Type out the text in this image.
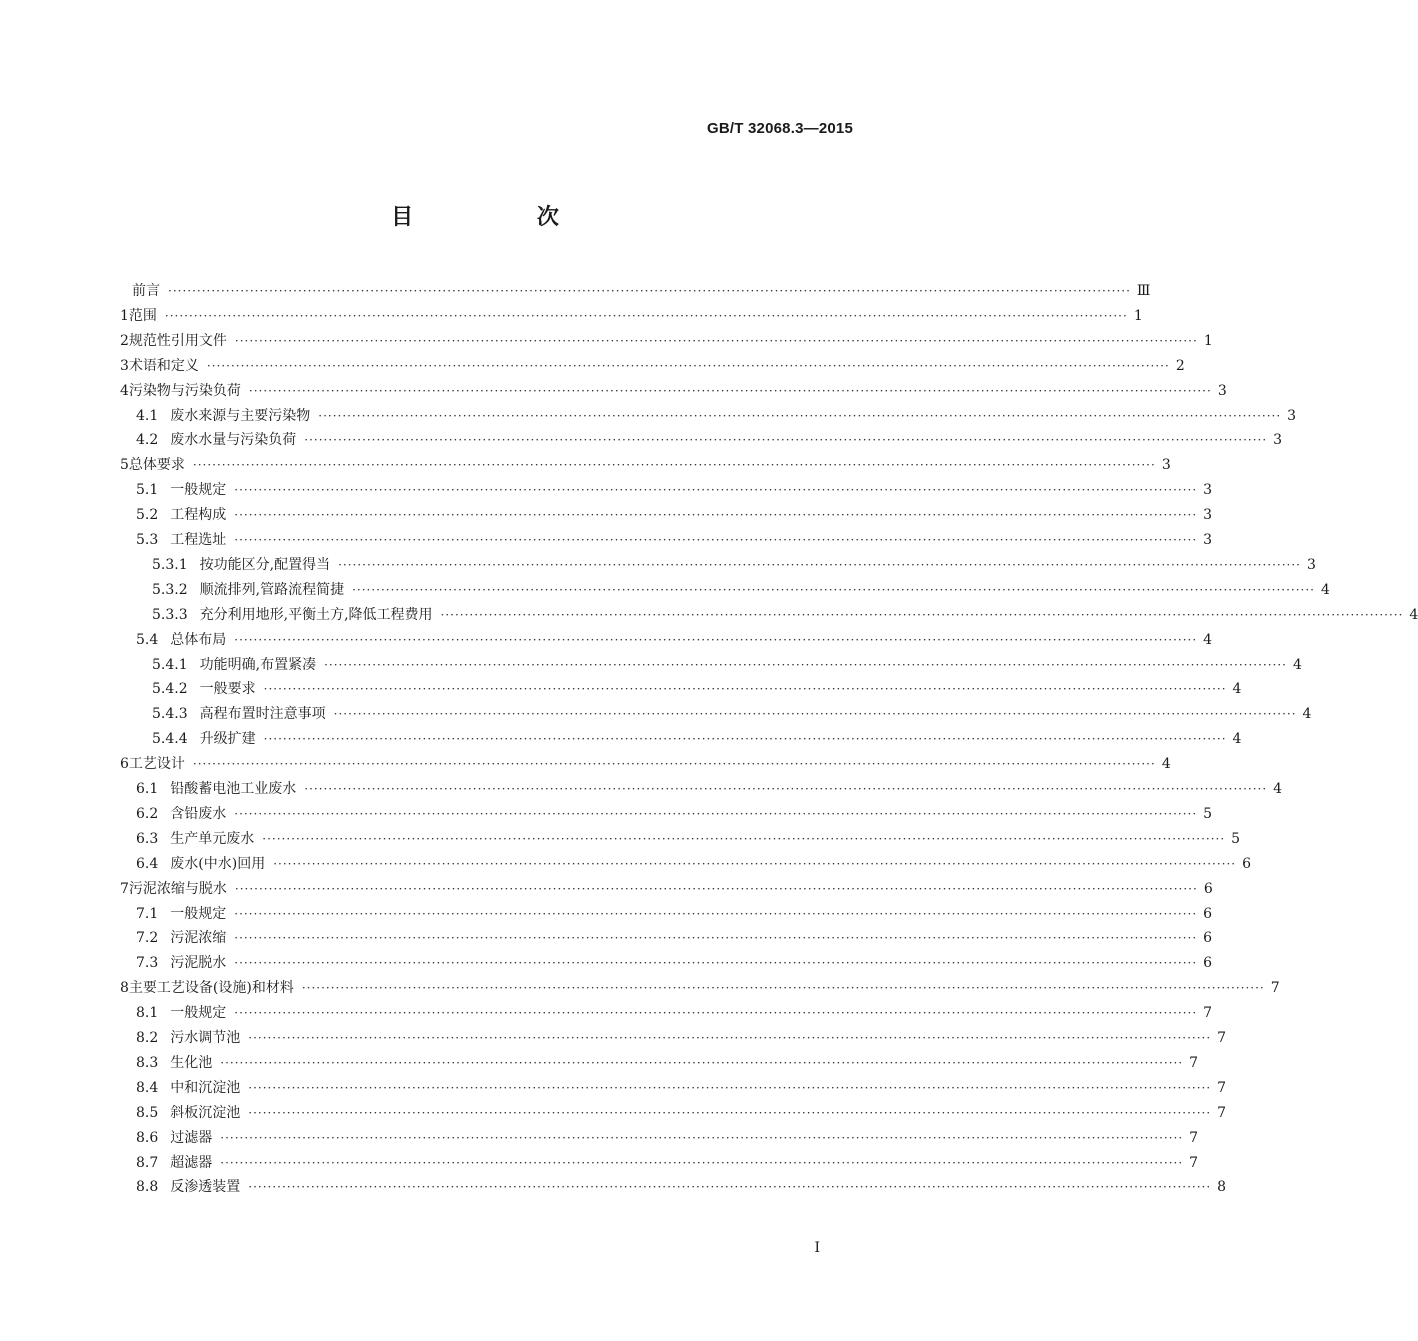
GB/T 32068.3—2015
目 次
前言 ········································································································································································································ Ⅲ
1 范围 ········································································································································································································ 1
2 规范性引用文件 ········································································································································································································ 1
3 术语和定义 ········································································································································································································ 2
4 污染物与污染负荷 ········································································································································································································ 3
4.1 废水来源与主要污染物 ········································································································································································································ 3
4.2 废水水量与污染负荷 ········································································································································································································ 3
5 总体要求 ········································································································································································································ 3
5.1 一般规定 ········································································································································································································ 3
5.2 工程构成 ········································································································································································································ 3
5.3 工程选址 ········································································································································································································ 3
5.3.1 按功能区分,配置得当 ········································································································································································································ 3
5.3.2 顺流排列,管路流程简捷 ········································································································································································································ 4
5.3.3 充分利用地形,平衡土方,降低工程费用 ········································································································································································································ 4
5.4 总体布局 ········································································································································································································ 4
5.4.1 功能明确,布置紧凑 ········································································································································································································ 4
5.4.2 一般要求 ········································································································································································································ 4
5.4.3 高程布置时注意事项 ········································································································································································································ 4
5.4.4 升级扩建 ········································································································································································································ 4
6 工艺设计 ········································································································································································································ 4
6.1 铅酸蓄电池工业废水 ········································································································································································································ 4
6.2 含铅废水 ········································································································································································································ 5
6.3 生产单元废水 ········································································································································································································ 5
6.4 废水(中水)回用 ········································································································································································································ 6
7 污泥浓缩与脱水 ········································································································································································································ 6
7.1 一般规定 ········································································································································································································ 6
7.2 污泥浓缩 ········································································································································································································ 6
7.3 污泥脱水 ········································································································································································································ 6
8 主要工艺设备(设施)和材料 ········································································································································································································ 7
8.1 一般规定 ········································································································································································································ 7
8.2 污水调节池 ········································································································································································································ 7
8.3 生化池 ········································································································································································································ 7
8.4 中和沉淀池 ········································································································································································································ 7
8.5 斜板沉淀池 ········································································································································································································ 7
8.6 过滤器 ········································································································································································································ 7
8.7 超滤器 ········································································································································································································ 7
8.8 反渗透装置 ········································································································································································································ 8
I
